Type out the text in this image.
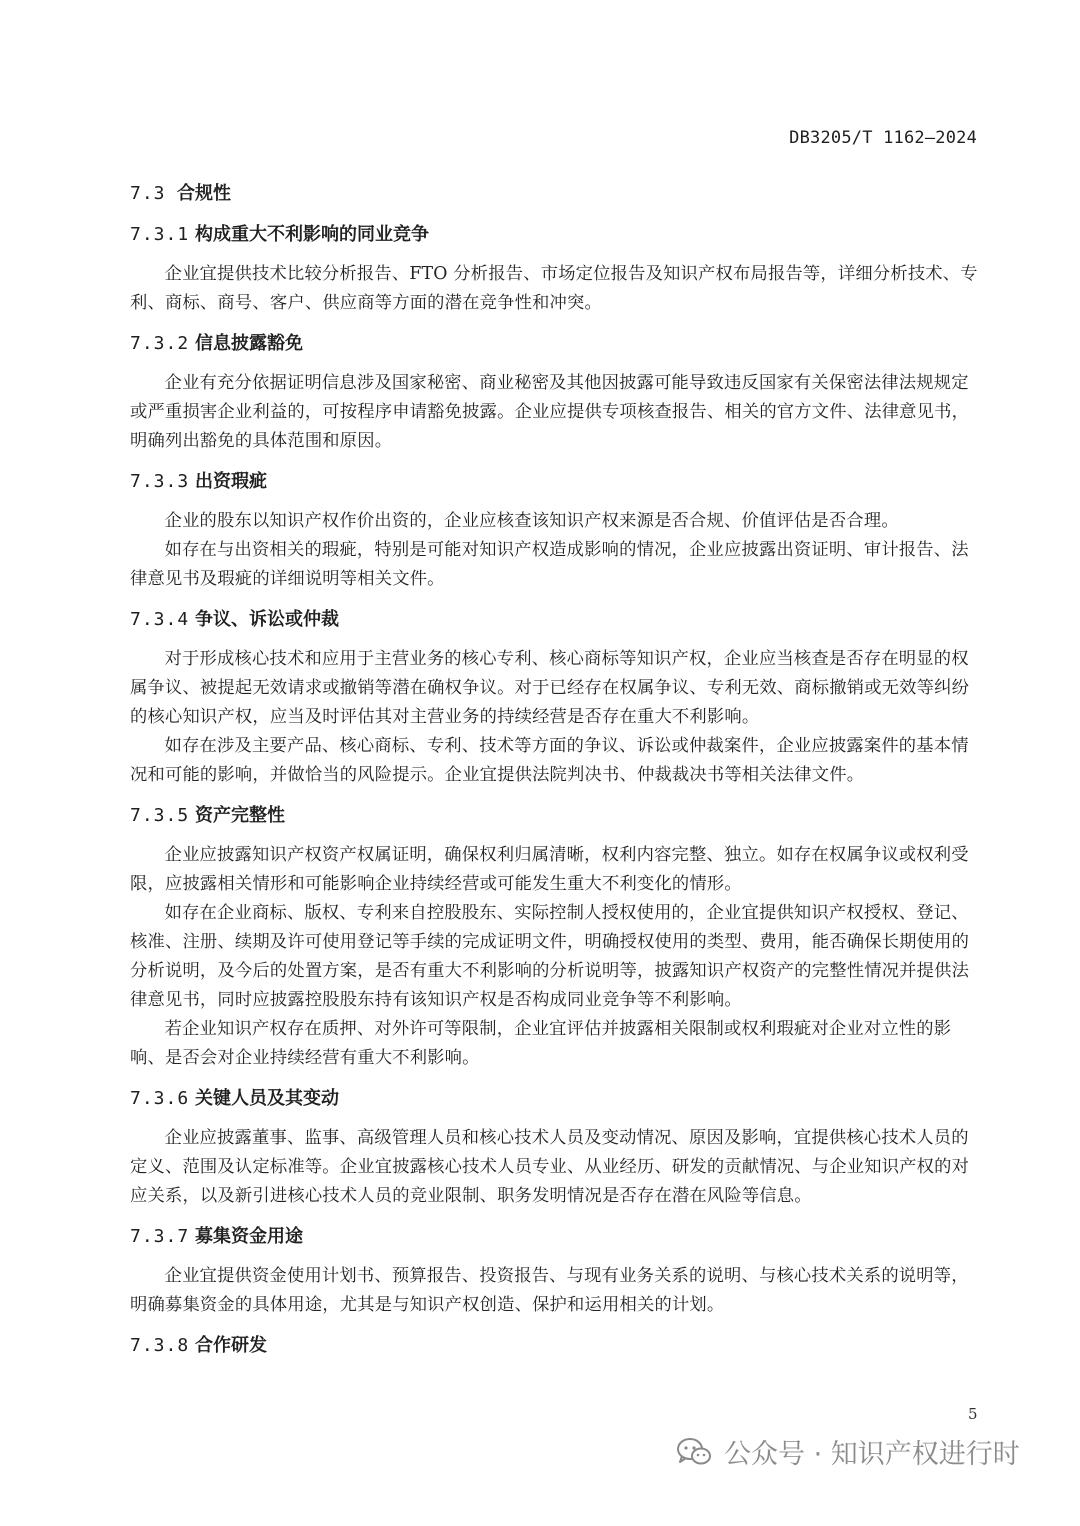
DB3205/T 1162—2024
7.3 合规性
7.3.1 构成重大不利影响的同业竞争

企业宜提供技术比较分析报告、FTO 分析报告、市场定位报告及知识产权布局报告等，详细分析技术、专利、商标、商号、客户、供应商等方面的潜在竞争性和冲突。

7.3.2 信息披露豁免

企业有充分依据证明信息涉及国家秘密、商业秘密及其他因披露可能导致违反国家有关保密法律法规规定或严重损害企业利益的，可按程序申请豁免披露。企业应提供专项核查报告、相关的官方文件、法律意见书，明确列出豁免的具体范围和原因。

7.3.3 出资瑕疵

企业的股东以知识产权作价出资的，企业应核查该知识产权来源是否合规、价值评估是否合理。

如存在与出资相关的瑕疵，特别是可能对知识产权造成影响的情况，企业应披露出资证明、审计报告、法律意见书及瑕疵的详细说明等相关文件。

7.3.4 争议、诉讼或仲裁

对于形成核心技术和应用于主营业务的核心专利、核心商标等知识产权，企业应当核查是否存在明显的权属争议、被提起无效请求或撤销等潜在确权争议。对于已经存在权属争议、专利无效、商标撤销或无效等纠纷的核心知识产权，应当及时评估其对主营业务的持续经营是否存在重大不利影响。

如存在涉及主要产品、核心商标、专利、技术等方面的争议、诉讼或仲裁案件，企业应披露案件的基本情况和可能的影响，并做恰当的风险提示。企业宜提供法院判决书、仲裁裁决书等相关法律文件。

7.3.5 资产完整性

企业应披露知识产权资产权属证明，确保权利归属清晰，权利内容完整、独立。如存在权属争议或权利受限，应披露相关情形和可能影响企业持续经营或可能发生重大不利变化的情形。

如存在企业商标、版权、专利来自控股股东、实际控制人授权使用的，企业宜提供知识产权授权、登记、核准、注册、续期及许可使用登记等手续的完成证明文件，明确授权使用的类型、费用，能否确保长期使用的分析说明，及今后的处置方案，是否有重大不利影响的分析说明等，披露知识产权资产的完整性情况并提供法律意见书，同时应披露控股股东持有该知识产权是否构成同业竞争等不利影响。

若企业知识产权存在质押、对外许可等限制，企业宜评估并披露相关限制或权利瑕疵对企业对立性的影响、是否会对企业持续经营有重大不利影响。

7.3.6 关键人员及其变动

企业应披露董事、监事、高级管理人员和核心技术人员及变动情况、原因及影响，宜提供核心技术人员的定义、范围及认定标准等。企业宜披露核心技术人员专业、从业经历、研发的贡献情况、与企业知识产权的对应关系，以及新引进核心技术人员的竞业限制、职务发明情况是否存在潜在风险等信息。

7.3.7 募集资金用途

企业宜提供资金使用计划书、预算报告、投资报告、与现有业务关系的说明、与核心技术关系的说明等，明确募集资金的具体用途，尤其是与知识产权创造、保护和运用相关的计划。

7.3.8 合作研发
5
公众号 · 知识产权进行时
